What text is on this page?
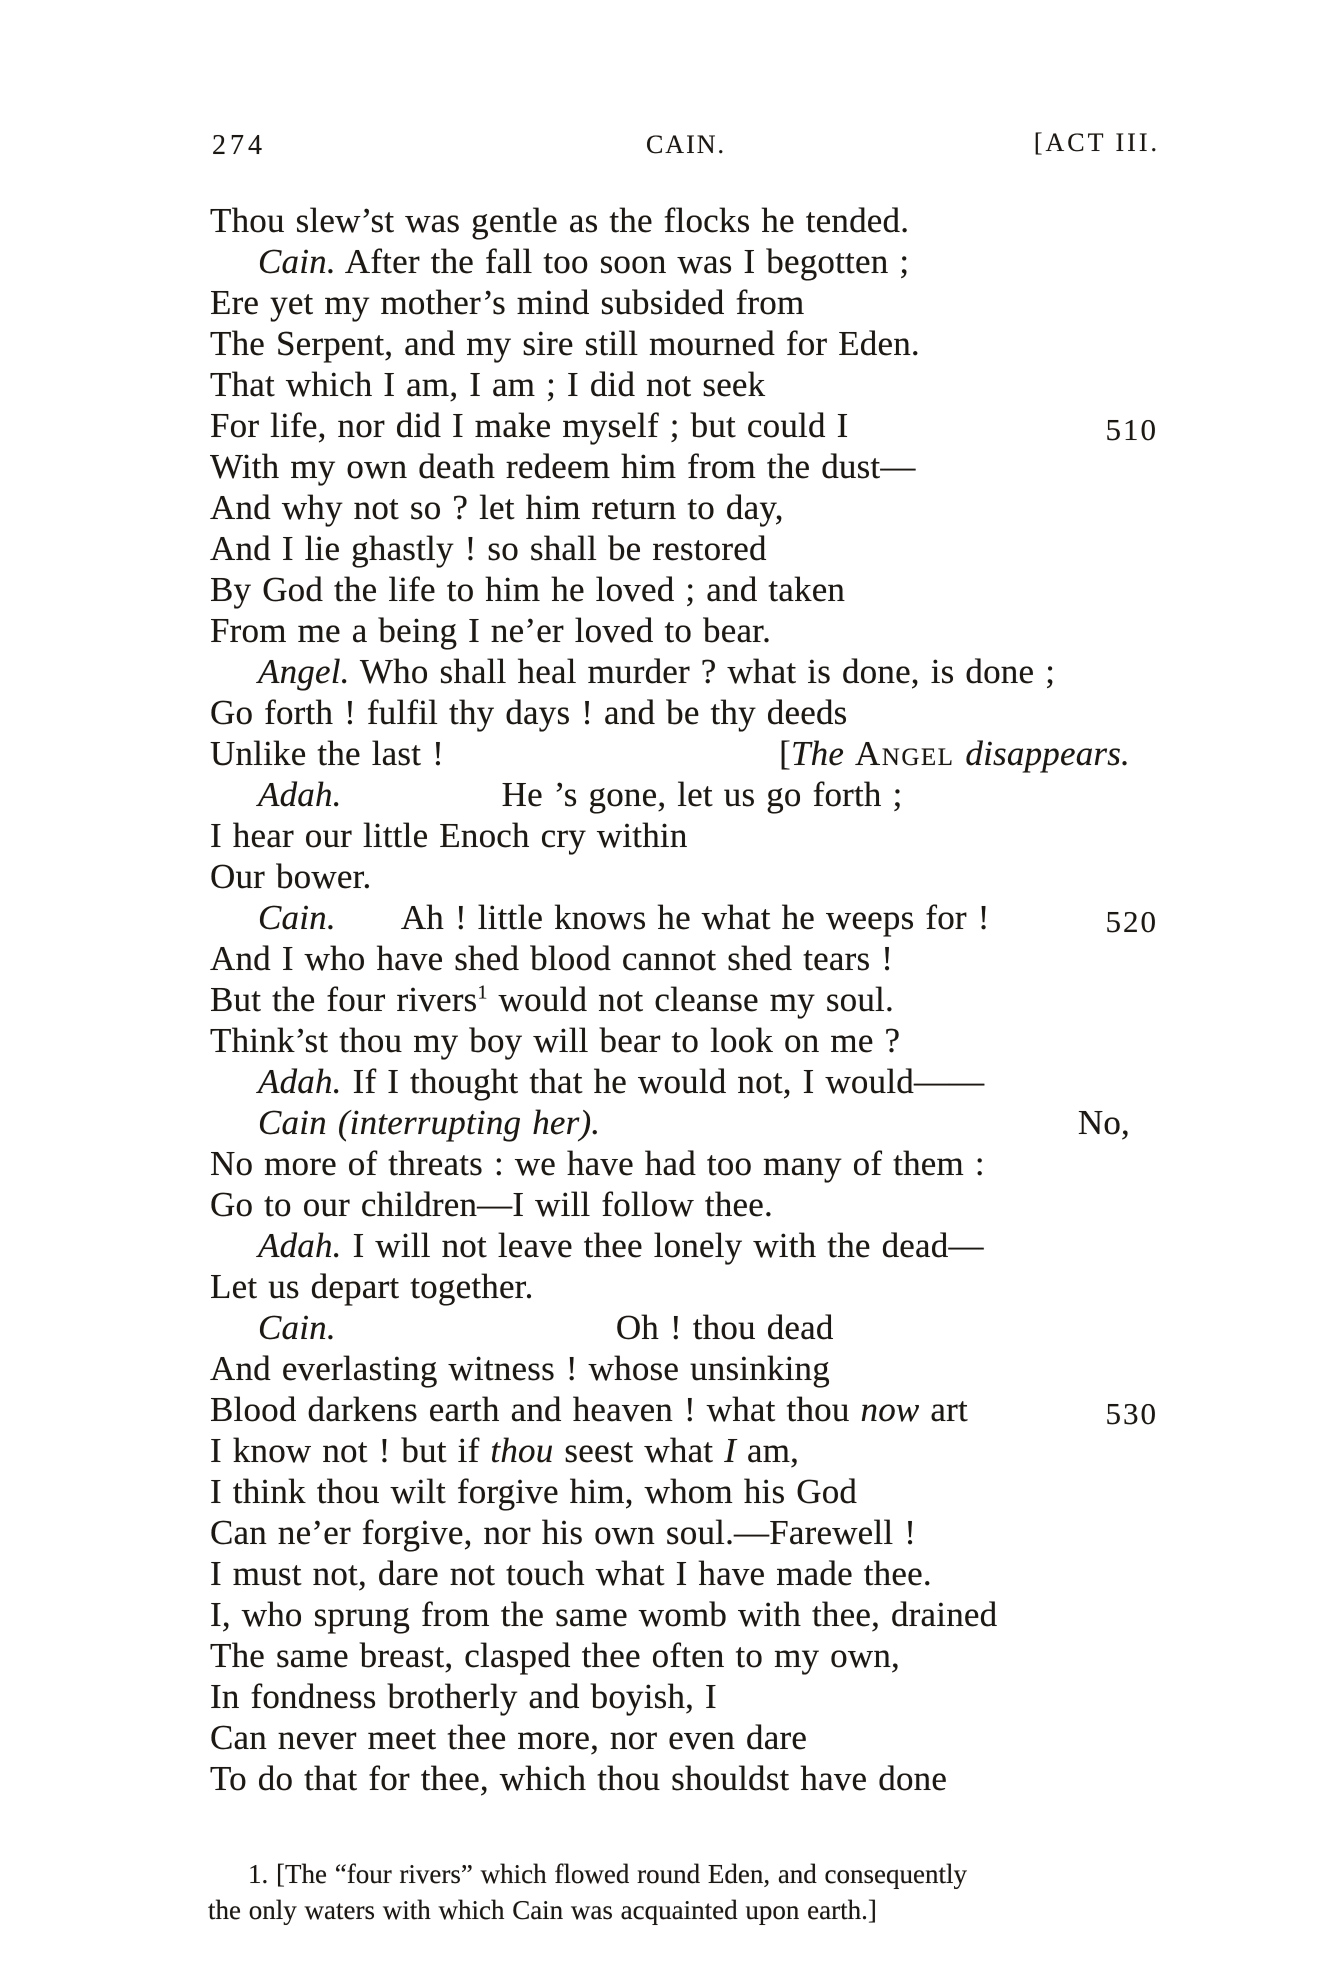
274	CAIN.	[ACT III.
Thou slew’st was gentle as the flocks he tended.
Cain. After the fall too soon was I begotten ;
Ere yet my mother’s mind subsided from
The Serpent, and my sire still mourned for Eden.
That which I am, I am ; I did not seek
For life, nor did I make myself ; but could I	510
With my own death redeem him from the dust—
And why not so ? let him return to day,
And I lie ghastly ! so shall be restored
By God the life to him he loved ; and taken
From me a being I ne’er loved to bear.
Angel. Who shall heal murder ? what is done, is done ;
Go forth ! fulfil thy days ! and be thy deeds
Unlike the last !	[The Angel disappears.
Adah.	He ’s gone, let us go forth ;
I hear our little Enoch cry within
Our bower.
Cain. Ah ! little knows he what he weeps for !	520
And I who have shed blood cannot shed tears !
But the four rivers$^1$ would not cleanse my soul.
Think’st thou my boy will bear to look on me ?
Adah. If I thought that he would not, I would——
Cain (interrupting her).	No,
No more of threats : we have had too many of them :
Go to our children—I will follow thee.
Adah. I will not leave thee lonely with the dead—
Let us depart together.
Cain.	Oh ! thou dead
And everlasting witness ! whose unsinking
Blood darkens earth and heaven ! what thou now art	530
I know not ! but if thou seest what I am,
I think thou wilt forgive him, whom his God
Can ne’er forgive, nor his own soul.—Farewell !
I must not, dare not touch what I have made thee.
I, who sprung from the same womb with thee, drained
The same breast, clasped thee often to my own,
In fondness brotherly and boyish, I
Can never meet thee more, nor even dare
To do that for thee, which thou shouldst have done
1. [The “four rivers” which flowed round Eden, and consequently
the only waters with which Cain was acquainted upon earth.]
